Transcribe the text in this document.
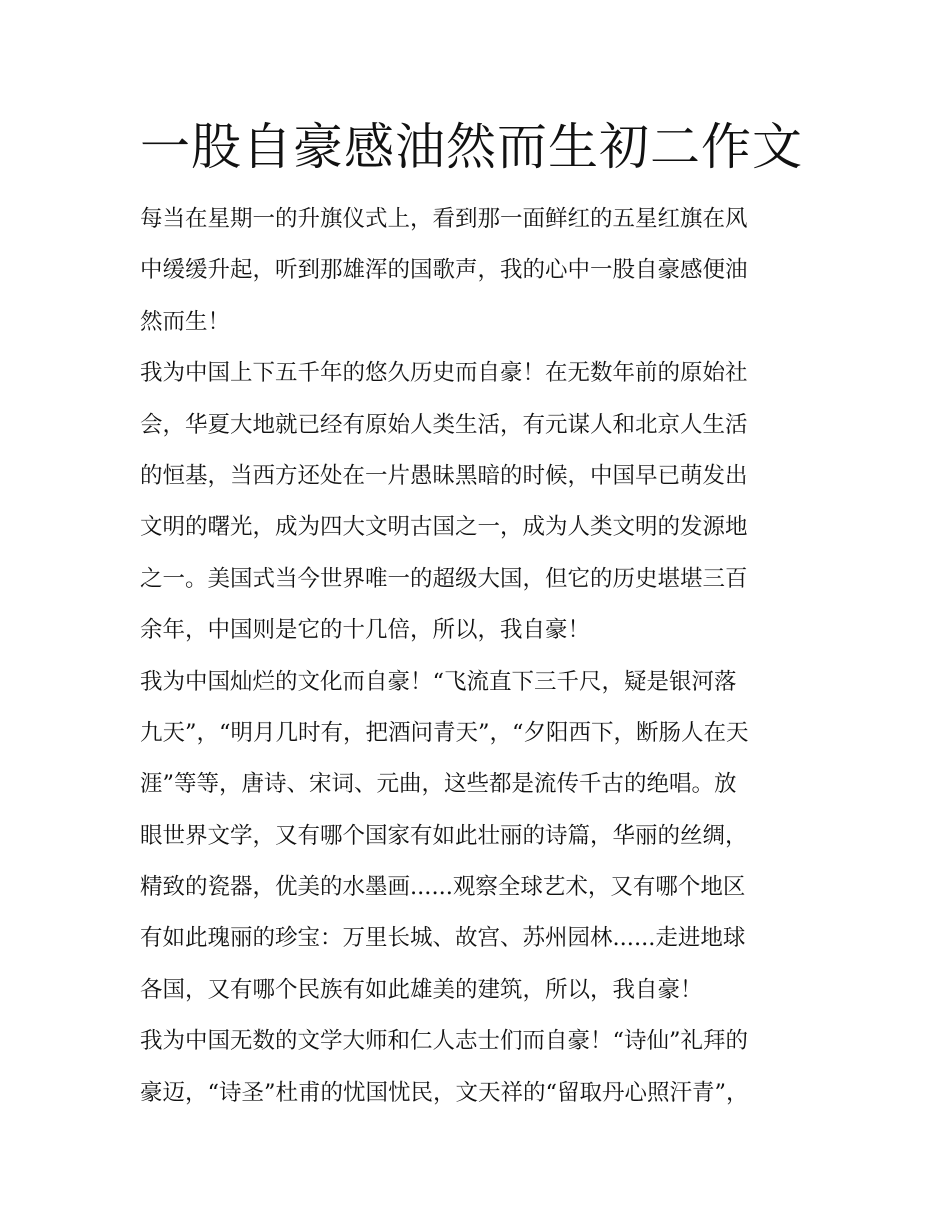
一股自豪感油然而生初二作文
每当在星期一的升旗仪式上，看到那一面鲜红的五星红旗在风
中缓缓升起，听到那雄浑的国歌声，我的心中一股自豪感便油
然而生！
我为中国上下五千年的悠久历史而自豪！在无数年前的原始社
会，华夏大地就已经有原始人类生活，有元谋人和北京人生活
的恒基，当西方还处在一片愚昧黑暗的时候，中国早已萌发出
文明的曙光，成为四大文明古国之一，成为人类文明的发源地
之一。美国式当今世界唯一的超级大国，但它的历史堪堪三百
余年，中国则是它的十几倍，所以，我自豪！
我为中国灿烂的文化而自豪！“飞流直下三千尺，疑是银河落
九天”，“明月几时有，把酒问青天”，“夕阳西下，断肠人在天
涯”等等，唐诗、宋词、元曲，这些都是流传千古的绝唱。放
眼世界文学，又有哪个国家有如此壮丽的诗篇，华丽的丝绸，
精致的瓷器，优美的水墨画......观察全球艺术，又有哪个地区
有如此瑰丽的珍宝：万里长城、故宫、苏州园林......走进地球
各国，又有哪个民族有如此雄美的建筑，所以，我自豪！
我为中国无数的文学大师和仁人志士们而自豪！“诗仙”礼拜的
豪迈，“诗圣”杜甫的忧国忧民，文天祥的“留取丹心照汗青”，
